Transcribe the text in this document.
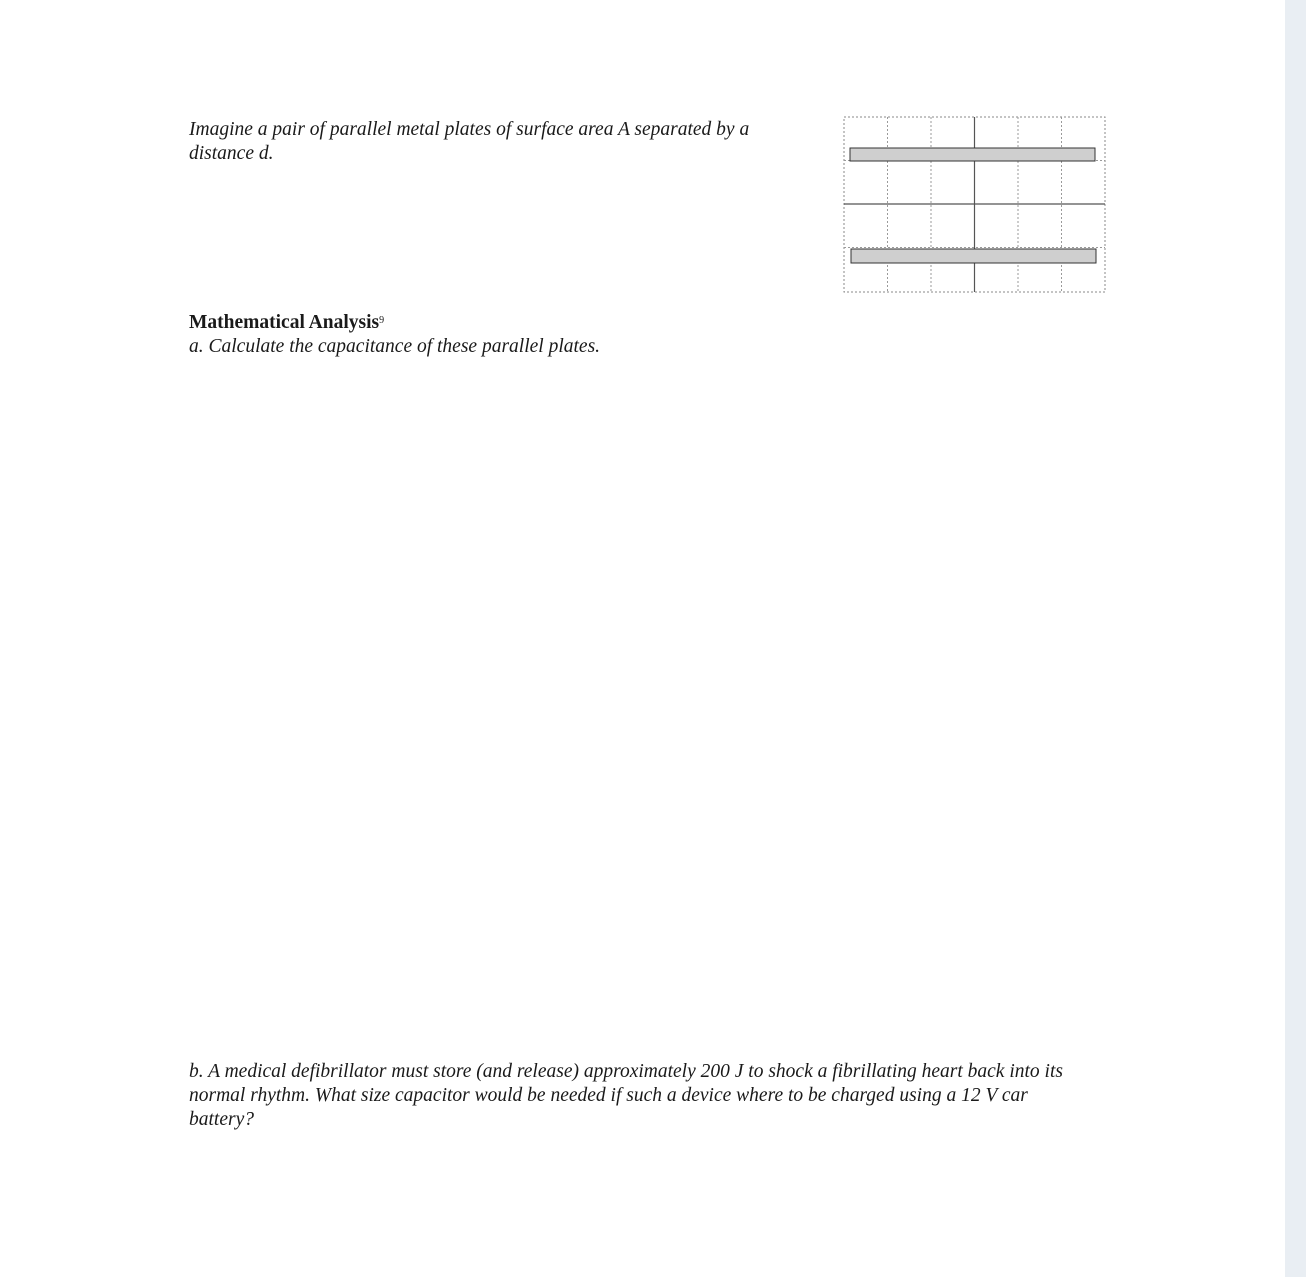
Imagine a pair of parallel metal plates of surface area A separated by a distance d.

Mathematical Analysis$^9$

a. Calculate the capacitance of these parallel plates.

b. A medical defibrillator must store (and release) approximately 200 J to shock a fibrillating heart back into its normal rhythm. What size capacitor would be needed if such a device where to be charged using a 12 V car battery?
